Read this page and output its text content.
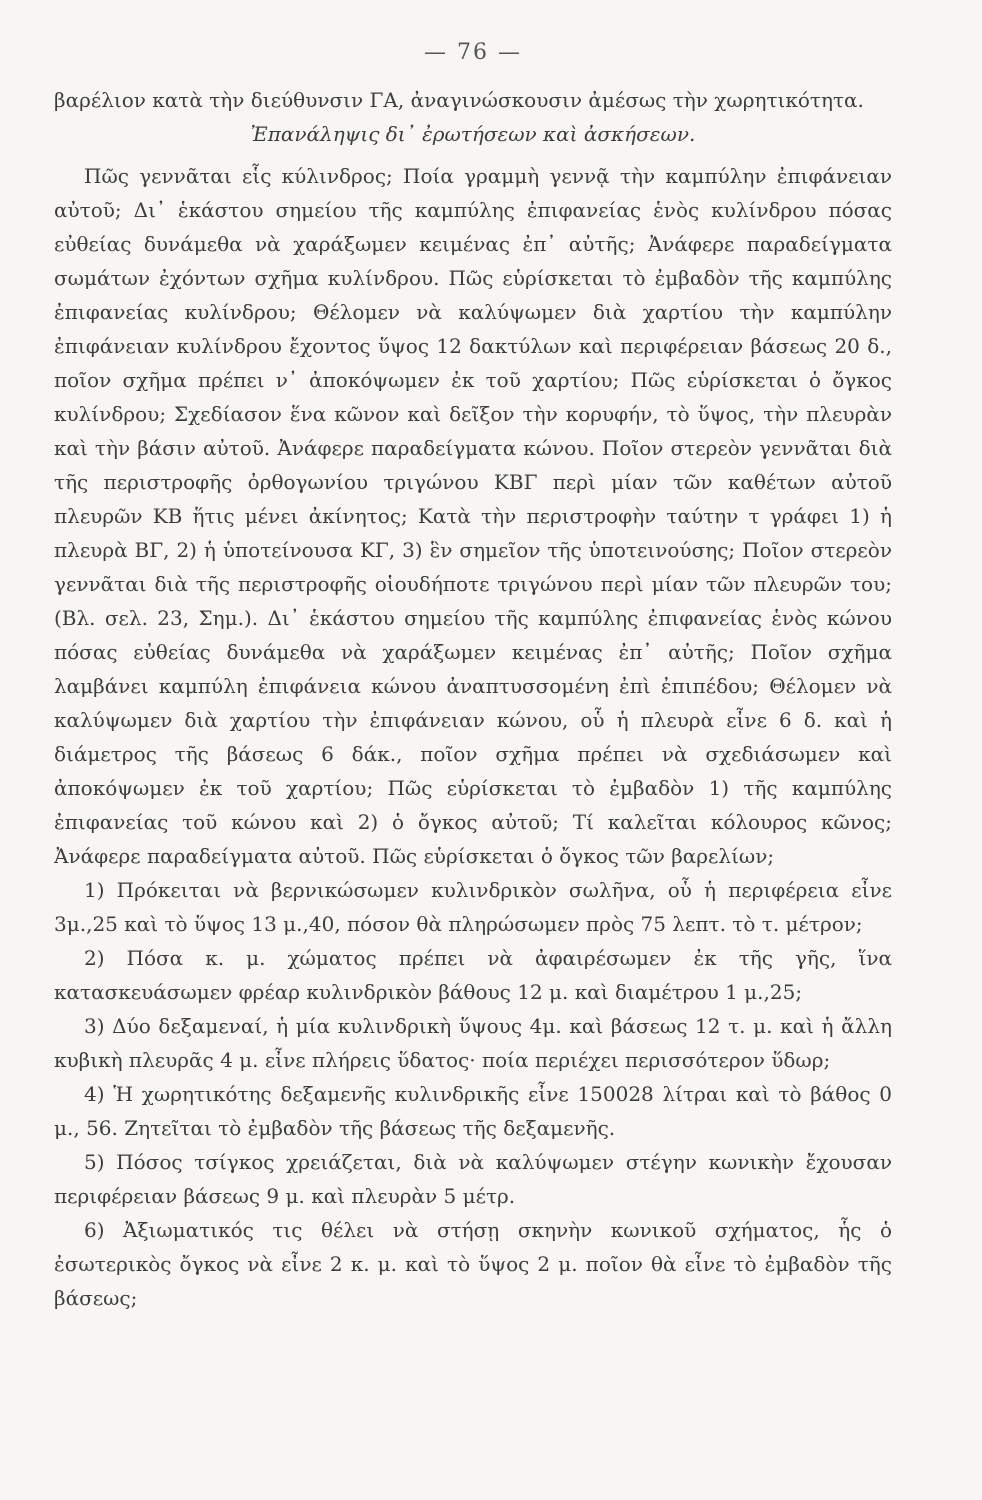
— 76 —

βαρέλιον κατὰ τὴν διεύθυνσιν ΓΑ, ἀναγινώσκουσιν ἀμέσως τὴν χωρητικότητα.

Ἐπανάληψις δι᾽ ἐρωτήσεων καὶ ἀσκήσεων.

Πῶς γεννᾶται εἷς κύλινδρος; Ποία γραμμὴ γεννᾷ τὴν καμπύλην ἐπιφάνειαν αὐτοῦ; Δι᾽ ἑκάστου σημείου τῆς καμπύλης ἐπιφανείας ἑνὸς κυλίνδρου πόσας εὐθείας δυνάμεθα νὰ χαράξωμεν κειμένας ἐπ᾽ αὐτῆς; Ἀνάφερε παραδείγματα σωμάτων ἐχόντων σχῆμα κυλίνδρου. Πῶς εὑρίσκεται τὸ ἐμβαδὸν τῆς καμπύλης ἐπιφανείας κυλίνδρου; Θέλομεν νὰ καλύψωμεν διὰ χαρτίου τὴν καμπύλην ἐπιφάνειαν κυλίνδρου ἔχοντος ὕψος 12 δακτύλων καὶ περιφέρειαν βάσεως 20 δ., ποῖον σχῆμα πρέπει ν᾽ ἀποκόψωμεν ἐκ τοῦ χαρτίου; Πῶς εὑρίσκεται ὁ ὄγκος κυλίνδρου; Σχεδίασον ἕνα κῶνον καὶ δεῖξον τὴν κορυφήν, τὸ ὕψος, τὴν πλευρὰν καὶ τὴν βάσιν αὐτοῦ. Ἀνάφερε παραδείγματα κώνου. Ποῖον στερεὸν γεννᾶται διὰ τῆς περιστροφῆς ὀρθογωνίου τριγώνου ΚΒΓ περὶ μίαν τῶν καθέτων αὐτοῦ πλευρῶν ΚΒ ἥτις μένει ἀκίνητος; Κατὰ τὴν περιστροφὴν ταύτην τ γράφει 1) ἡ πλευρὰ ΒΓ, 2) ἡ ὑποτείνουσα ΚΓ, 3) ἓν σημεῖον τῆς ὑποτεινούσης; Ποῖον στερεὸν γεννᾶται διὰ τῆς περιστροφῆς οἱουδήποτε τριγώνου περὶ μίαν τῶν πλευρῶν του; (Βλ. σελ. 23, Σημ.). Δι᾽ ἑκάστου σημείου τῆς καμπύλης ἐπιφανείας ἑνὸς κώνου πόσας εὐθείας δυνάμεθα νὰ χαράξωμεν κειμένας ἐπ᾽ αὐτῆς; Ποῖον σχῆμα λαμβάνει καμπύλη ἐπιφάνεια κώνου ἀναπτυσσομένη ἐπὶ ἐπιπέδου; Θέλομεν νὰ καλύψωμεν διὰ χαρτίου τὴν ἐπιφάνειαν κώνου, οὗ ἡ πλευρὰ εἶνε 6 δ. καὶ ἡ διάμετρος τῆς βάσεως 6 δάκ., ποῖον σχῆμα πρέπει νὰ σχεδιάσωμεν καὶ ἀποκόψωμεν ἐκ τοῦ χαρτίου; Πῶς εὑρίσκεται τὸ ἐμβαδὸν 1) τῆς καμπύλης ἐπιφανείας τοῦ κώνου καὶ 2) ὁ ὄγκος αὐτοῦ; Τί καλεῖται κόλουρος κῶνος; Ἀνάφερε παραδείγματα αὐτοῦ. Πῶς εὑρίσκεται ὁ ὄγκος τῶν βαρελίων;

1) Πρόκειται νὰ βερνικώσωμεν κυλινδρικὸν σωλῆνα, οὗ ἡ περιφέρεια εἶνε 3μ.,25 καὶ τὸ ὕψος 13 μ.,40, πόσον θὰ πληρώσωμεν πρὸς 75 λεπτ. τὸ τ. μέτρον;

2) Πόσα κ. μ. χώματος πρέπει νὰ ἀφαιρέσωμεν ἐκ τῆς γῆς, ἵνα κατασκευάσωμεν φρέαρ κυλινδρικὸν βάθους 12 μ. καὶ διαμέτρου 1 μ.,25;

3) Δύο δεξαμεναί, ἡ μία κυλινδρικὴ ὕψους 4μ. καὶ βάσεως 12 τ. μ. καὶ ἡ ἄλλη κυβικὴ πλευρᾶς 4 μ. εἶνε πλήρεις ὕδατος· ποία περιέχει περισσότερον ὕδωρ;

4) Ἡ χωρητικότης δεξαμενῆς κυλινδρικῆς εἶνε 150028 λίτραι καὶ τὸ βάθος 0 μ., 56. Ζητεῖται τὸ ἐμβαδὸν τῆς βάσεως τῆς δεξαμενῆς.

5) Πόσος τσίγκος χρειάζεται, διὰ νὰ καλύψωμεν στέγην κωνικὴν ἔχουσαν περιφέρειαν βάσεως 9 μ. καὶ πλευρὰν 5 μέτρ.

6) Ἀξιωματικός τις θέλει νὰ στήσῃ σκηνὴν κωνικοῦ σχήματος, ἧς ὁ ἐσωτερικὸς ὄγκος νὰ εἶνε 2 κ. μ. καὶ τὸ ὕψος 2 μ. ποῖον θὰ εἶνε τὸ ἐμβαδὸν τῆς βάσεως;
